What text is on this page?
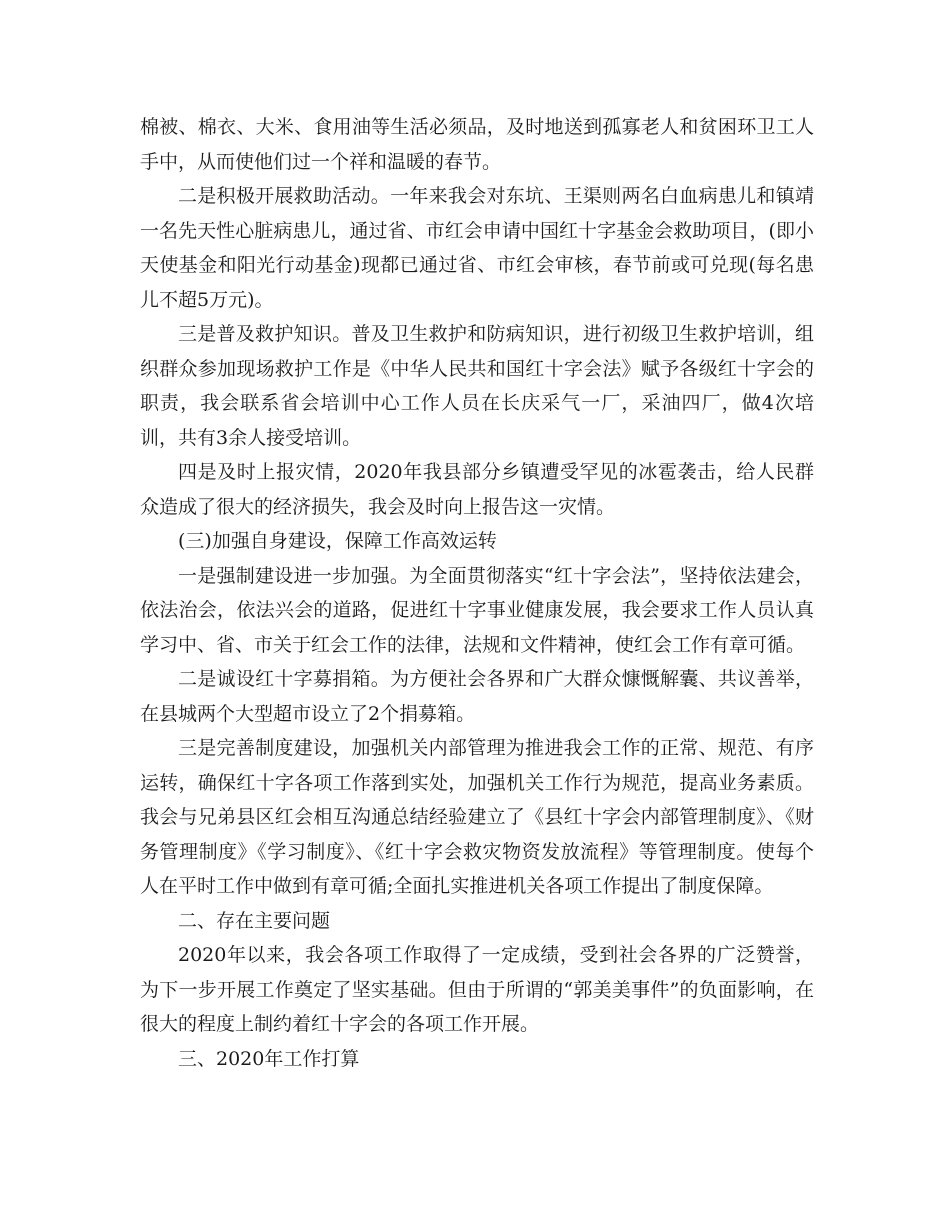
棉被、棉衣、大米、食用油等生活必须品，及时地送到孤寡老人和贫困环卫工人手中，从而使他们过一个祥和温暖的春节。

二是积极开展救助活动。一年来我会对东坑、王渠则两名白血病患儿和镇靖一名先天性心脏病患儿，通过省、市红会申请中国红十字基金会救助项目，(即小天使基金和阳光行动基金)现都已通过省、市红会审核，春节前或可兑现(每名患儿不超5万元)。

三是普及救护知识。普及卫生救护和防病知识，进行初级卫生救护培训，组织群众参加现场救护工作是《中华人民共和国红十字会法》赋予各级红十字会的职责，我会联系省会培训中心工作人员在长庆采气一厂，采油四厂，做4次培训，共有3余人接受培训。

四是及时上报灾情，2020年我县部分乡镇遭受罕见的冰雹袭击，给人民群众造成了很大的经济损失，我会及时向上报告这一灾情。

(三)加强自身建设，保障工作高效运转

一是强制建设进一步加强。为全面贯彻落实“红十字会法”，坚持依法建会，依法治会，依法兴会的道路，促进红十字事业健康发展，我会要求工作人员认真学习中、省、市关于红会工作的法律，法规和文件精神，使红会工作有章可循。

二是诚设红十字募捐箱。为方便社会各界和广大群众慷慨解囊、共议善举，在县城两个大型超市设立了2个捐募箱。

三是完善制度建设，加强机关内部管理为推进我会工作的正常、规范、有序运转，确保红十字各项工作落到实处，加强机关工作行为规范，提高业务素质。我会与兄弟县区红会相互沟通总结经验建立了《县红十字会内部管理制度》、《财务管理制度》《学习制度》、《红十字会救灾物资发放流程》等管理制度。使每个人在平时工作中做到有章可循;全面扎实推进机关各项工作提出了制度保障。

二、存在主要问题

2020年以来，我会各项工作取得了一定成绩，受到社会各界的广泛赞誉，为下一步开展工作奠定了坚实基础。但由于所谓的“郭美美事件”的负面影响，在很大的程度上制约着红十字会的各项工作开展。

三、2020年工作打算
